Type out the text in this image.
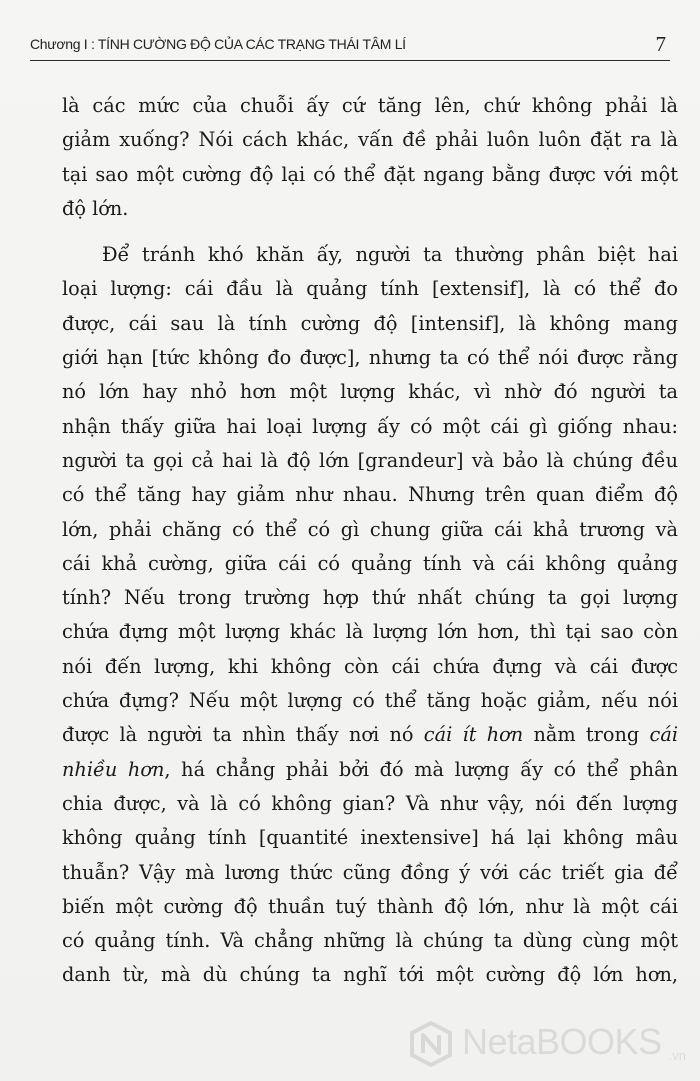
Chương I : TÍNH CƯỜNG ĐỘ CỦA CÁC TRẠNG THÁI TÂM LÍ	7
là các mức của chuỗi ấy cứ tăng lên, chứ không phải là
giảm xuống? Nói cách khác, vấn đề phải luôn luôn đặt ra là
tại sao một cường độ lại có thể đặt ngang bằng được với một
độ lớn.
Để tránh khó khăn ấy, người ta thường phân biệt hai
loại lượng: cái đầu là quảng tính [extensif], là có thể đo
được, cái sau là tính cường độ [intensif], là không mang
giới hạn [tức không đo được], nhưng ta có thể nói được rằng
nó lớn hay nhỏ hơn một lượng khác, vì nhờ đó người ta
nhận thấy giữa hai loại lượng ấy có một cái gì giống nhau:
người ta gọi cả hai là độ lớn [grandeur] và bảo là chúng đều
có thể tăng hay giảm như nhau. Nhưng trên quan điểm độ
lớn, phải chăng có thể có gì chung giữa cái khả trương và
cái khả cường, giữa cái có quảng tính và cái không quảng
tính? Nếu trong trường hợp thứ nhất chúng ta gọi lượng
chứa đựng một lượng khác là lượng lớn hơn, thì tại sao còn
nói đến lượng, khi không còn cái chứa đựng và cái được
chứa đựng? Nếu một lượng có thể tăng hoặc giảm, nếu nói
được là người ta nhìn thấy nơi nó cái ít hơn nằm trong cái
nhiều hơn, há chẳng phải bởi đó mà lượng ấy có thể phân
chia được, và là có không gian? Và như vậy, nói đến lượng
không quảng tính [quantité inextensive] há lại không mâu
thuẫn? Vậy mà lương thức cũng đồng ý với các triết gia để
biến một cường độ thuần tuý thành độ lớn, như là một cái
có quảng tính. Và chẳng những là chúng ta dùng cùng một
danh từ, mà dù chúng ta nghĩ tới một cường độ lớn hơn,
NetaBOOKS .vn
